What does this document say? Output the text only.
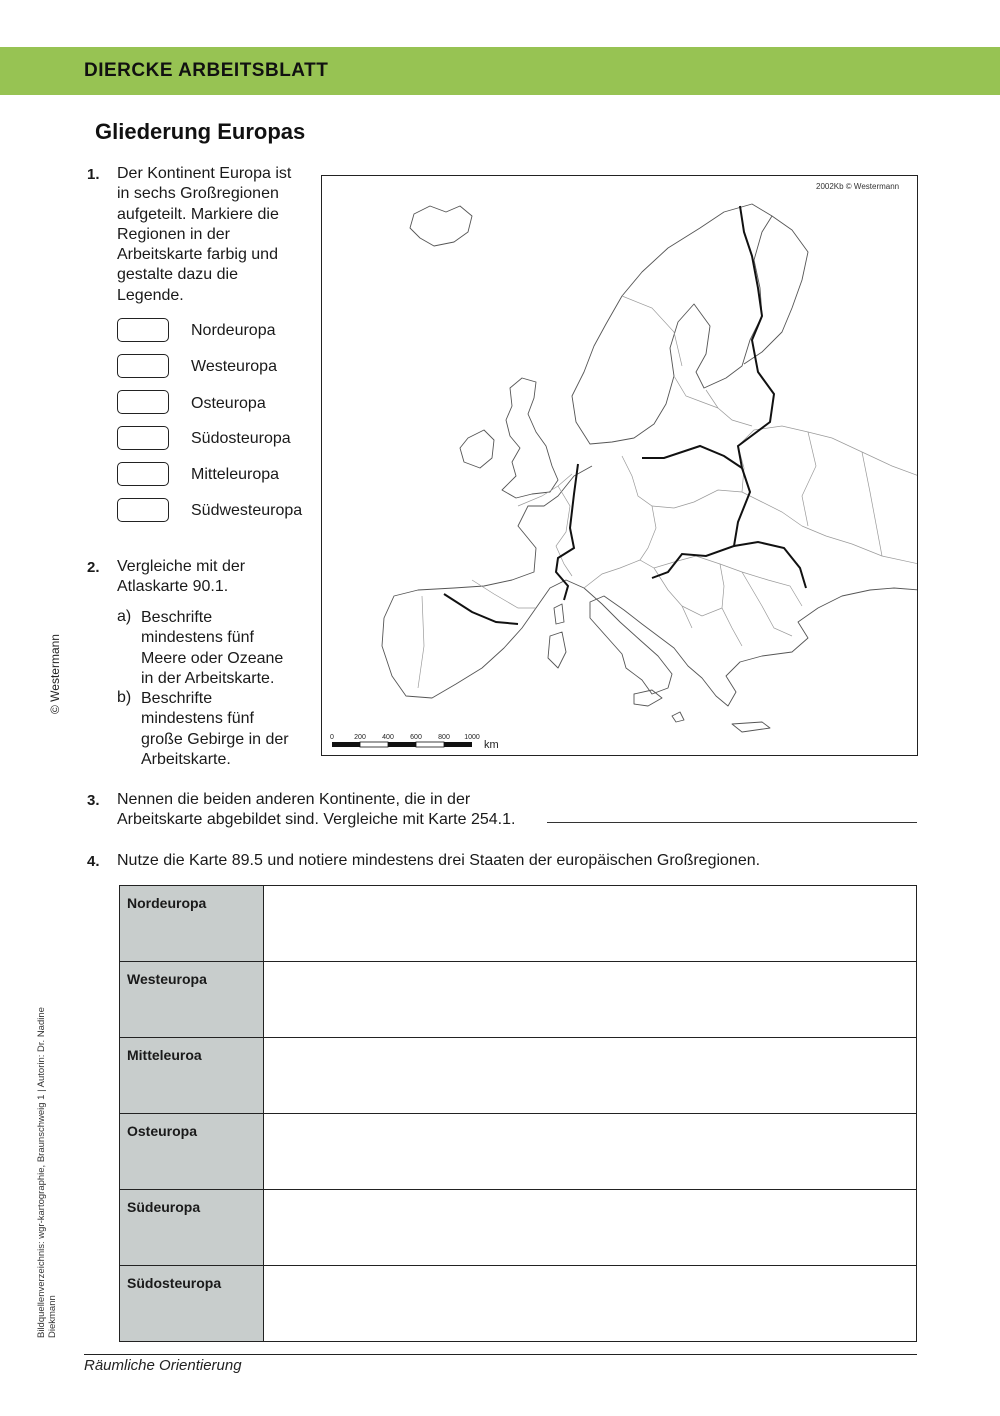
DIERCKE ARBEITSBLATT
Gliederung Europas
© Westermann
Bildquellenverzeichnis: wgr-kartographie, Braunschweig 1 | Autorin: Dr. Nadine Diekmann
1. Der Kontinent Europa ist
in sechs Großregionen
aufgeteilt. Markiere die
Regionen in der
Arbeitskarte farbig und
gestalte dazu die
Legende.
Nordeuropa
Westeuropa
Osteuropa
Südosteuropa
Mitteleuropa
Südwesteuropa
2. Vergleiche mit der
Atlaskarte 90.1.
a) Beschrifte
mindestens fünf
Meere oder Ozeane
in der Arbeitskarte.
b) Beschrifte
mindestens fünf
große Gebirge in der
Arbeitskarte.
2002Kb © Westermann
0	200 400 600 800 1000
km
3. Nennen die beiden anderen Kontinente, die in der
Arbeitskarte abgebildet sind. Vergleiche mit Karte 254.1.
4. Nutze die Karte 89.5 und notiere mindestens drei Staaten der europäischen Großregionen.
Nordeuropa	
Westeuropa	
Mitteleuroa	
Osteuropa	
Südeuropa	
Südosteuropa	
Räumliche Orientierung
